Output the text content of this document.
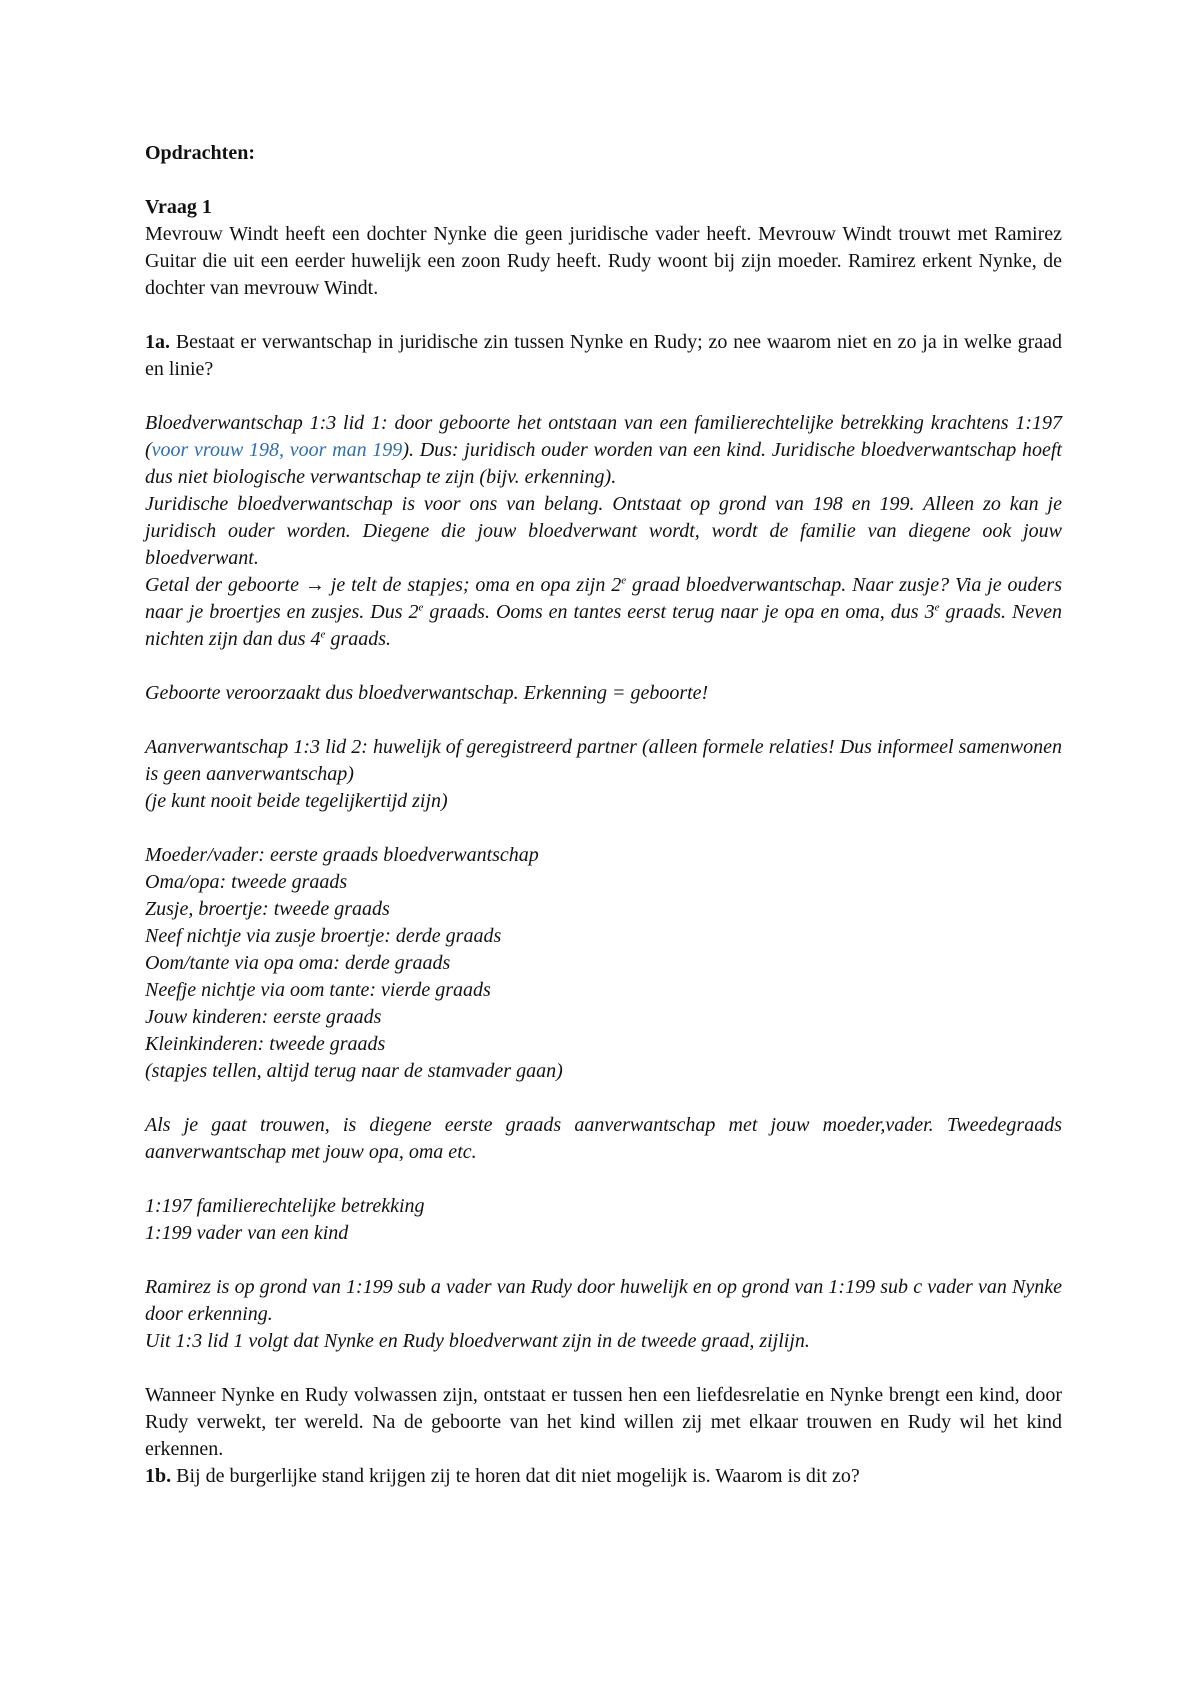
Opdrachten:

Vraag 1

Mevrouw Windt heeft een dochter Nynke die geen juridische vader heeft. Mevrouw Windt trouwt met Ramirez Guitar die uit een eerder huwelijk een zoon Rudy heeft. Rudy woont bij zijn moeder. Ramirez erkent Nynke, de dochter van mevrouw Windt.

1a. Bestaat er verwantschap in juridische zin tussen Nynke en Rudy; zo nee waarom niet en zo ja in welke graad en linie?

Bloedverwantschap 1:3 lid 1: door geboorte het ontstaan van een familierechtelijke betrekking krachtens 1:197 (voor vrouw 198, voor man 199). Dus: juridisch ouder worden van een kind. Juridische bloedverwantschap hoeft dus niet biologische verwantschap te zijn (bijv. erkenning).

Juridische bloedverwantschap is voor ons van belang. Ontstaat op grond van 198 en 199. Alleen zo kan je juridisch ouder worden. Diegene die jouw bloedverwant wordt, wordt de familie van diegene ook jouw bloedverwant.

Getal der geboorte → je telt de stapjes; oma en opa zijn 2e graad bloedverwantschap. Naar zusje? Via je ouders naar je broertjes en zusjes. Dus 2e graads. Ooms en tantes eerst terug naar je opa en oma, dus 3e graads. Neven nichten zijn dan dus 4e graads.

Geboorte veroorzaakt dus bloedverwantschap. Erkenning = geboorte!

Aanverwantschap 1:3 lid 2: huwelijk of geregistreerd partner (alleen formele relaties! Dus informeel samenwonen is geen aanverwantschap)

(je kunt nooit beide tegelijkertijd zijn)

Moeder/vader: eerste graads bloedverwantschap

Oma/opa: tweede graads

Zusje, broertje: tweede graads

Neef nichtje via zusje broertje: derde graads

Oom/tante via opa oma: derde graads

Neefje nichtje via oom tante: vierde graads

Jouw kinderen: eerste graads

Kleinkinderen: tweede graads

(stapjes tellen, altijd terug naar de stamvader gaan)

Als je gaat trouwen, is diegene eerste graads aanverwantschap met jouw moeder,vader. Tweedegraads aanverwantschap met jouw opa, oma etc.

1:197 familierechtelijke betrekking

1:199 vader van een kind

Ramirez is op grond van 1:199 sub a vader van Rudy door huwelijk en op grond van 1:199 sub c vader van Nynke door erkenning.

Uit 1:3 lid 1 volgt dat Nynke en Rudy bloedverwant zijn in de tweede graad, zijlijn.

Wanneer Nynke en Rudy volwassen zijn, ontstaat er tussen hen een liefdesrelatie en Nynke brengt een kind, door Rudy verwekt, ter wereld. Na de geboorte van het kind willen zij met elkaar trouwen en Rudy wil het kind erkennen.

1b. Bij de burgerlijke stand krijgen zij te horen dat dit niet mogelijk is. Waarom is dit zo?
